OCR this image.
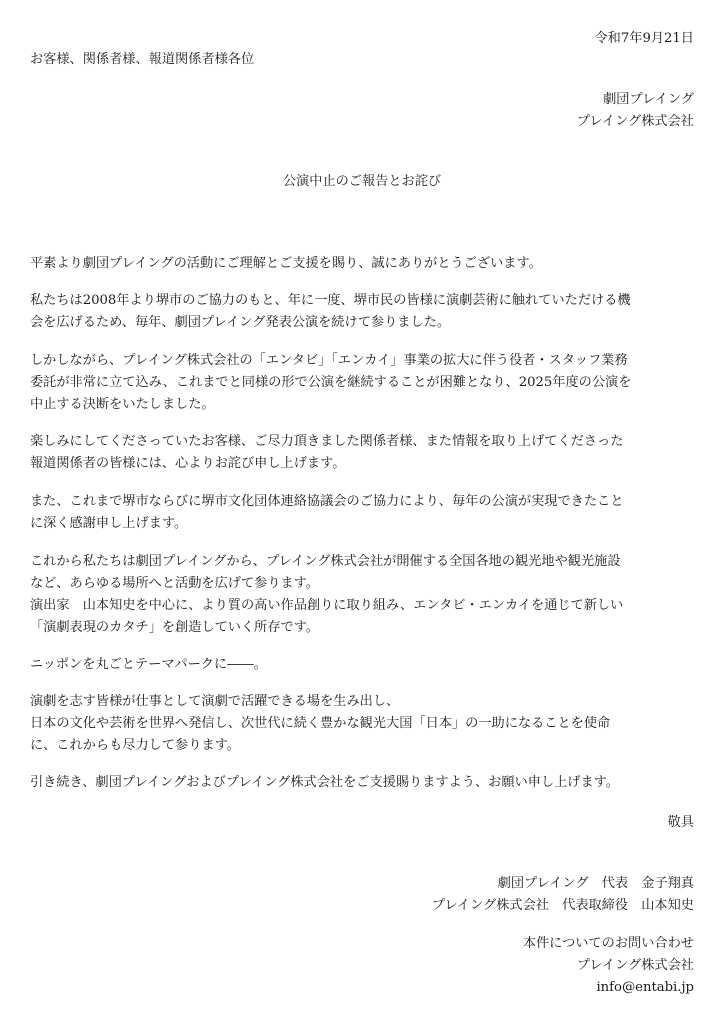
令和7年9月21日
お客様、関係者様、報道関係者様各位
劇団プレイング
プレイング株式会社
公演中止のご報告とお詫び
平素より劇団プレイングの活動にご理解とご支援を賜り、誠にありがとうございます。
私たちは2008年より堺市のご協力のもと、年に一度、堺市民の皆様に演劇芸術に触れていただける機
会を広げるため、毎年、劇団プレイング発表公演を続けて参りました。
しかしながら、プレイング株式会社の「エンタビ」「エンカイ」事業の拡大に伴う役者・スタッフ業務
委託が非常に立て込み、これまでと同様の形で公演を継続することが困難となり、2025年度の公演を
中止する決断をいたしました。
楽しみにしてくださっていたお客様、ご尽力頂きました関係者様、また情報を取り上げてくださった
報道関係者の皆様には、心よりお詫び申し上げます。
また、これまで堺市ならびに堺市文化団体連絡協議会のご協力により、毎年の公演が実現できたこと
に深く感謝申し上げます。
これから私たちは劇団プレイングから、プレイング株式会社が開催する全国各地の観光地や観光施設
など、あらゆる場所へと活動を広げて参ります。
演出家　山本知史を中心に、より質の高い作品創りに取り組み、エンタビ・エンカイを通じて新しい
「演劇表現のカタチ」を創造していく所存です。
ニッポンを丸ごとテーマパークに――。
演劇を志す皆様が仕事として演劇で活躍できる場を生み出し、
日本の文化や芸術を世界へ発信し、次世代に続く豊かな観光大国「日本」の一助になることを使命
に、これからも尽力して参ります。
引き続き、劇団プレイングおよびプレイング株式会社をご支援賜りますよう、お願い申し上げます。
敬具
劇団プレイング　代表　金子翔真
プレイング株式会社　代表取締役　山本知史
本件についてのお問い合わせ
プレイング株式会社
info@entabi.jp
